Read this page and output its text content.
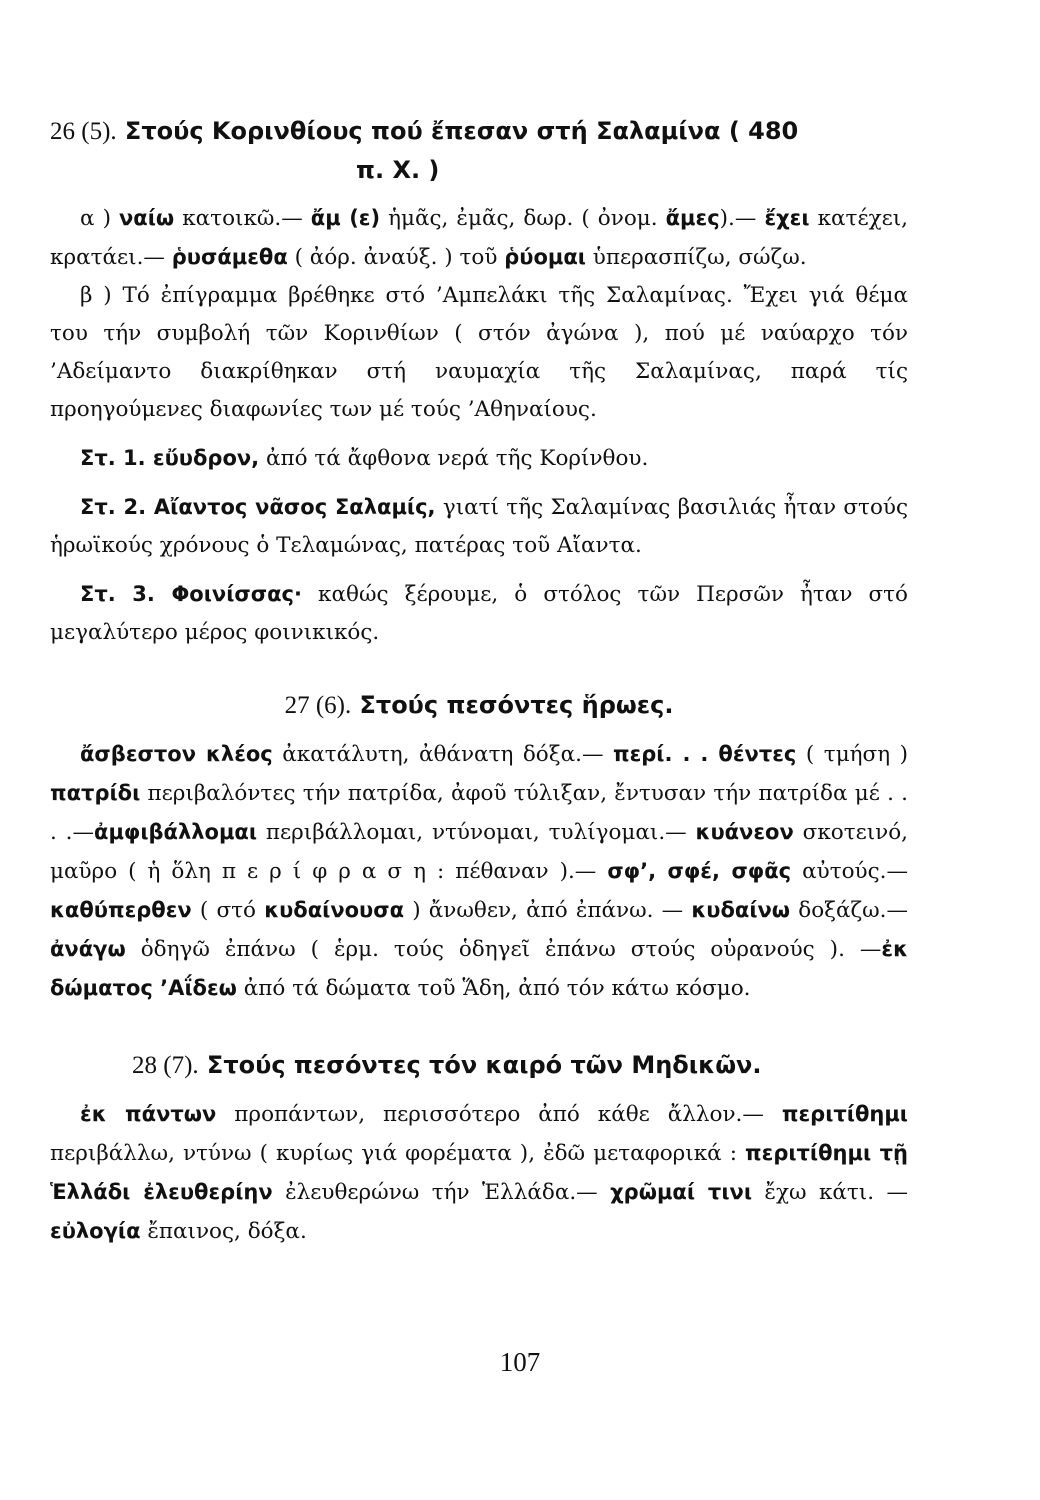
26 (5). Στούς Κορινθίους πού ἔπεσαν στή Σαλαμίνα ( 480
π. Χ. )

α ) ναίω κατοικῶ.— ἄμ (ε) ἡμᾶς, ἐμᾶς, δωρ. ( ὀνομ. ἄμες).— ἔχει κατέχει, κρατάει.— ῥυσάμεθα ( ἀόρ. ἀναύξ. ) τοῦ ῥύομαι ὑπερασπίζω, σώζω.

β ) Τό ἐπίγραμμα βρέθηκε στό ’Αμπελάκι τῆς Σαλαμίνας. Ἔχει γιά θέμα του τήν συμβολή τῶν Κορινθίων ( στόν ἀγώνα ), πού μέ ναύαρχο τόν ’Αδείμαντο διακρίθηκαν στή ναυμαχία τῆς Σαλαμίνας, παρά τίς προηγούμενες διαφωνίες των μέ τούς ’Αθηναίους.

Στ. 1. εὔυδρον, ἀπό τά ἄφθονα νερά τῆς Κορίνθου.

Στ. 2. Αἴαντος νᾶσος Σαλαμίς, γιατί τῆς Σαλαμίνας βασιλιάς ἦταν στούς ἡρωϊκούς χρόνους ὁ Τελαμώνας, πατέρας τοῦ Αἴαντα.

Στ. 3. Φοινίσσας· καθώς ξέρουμε, ὁ στόλος τῶν Περσῶν ἦταν στό μεγαλύτερο μέρος φοινικικός.

27 (6). Στούς πεσόντες ἥρωες.

ἄσβεστον κλέος ἀκατάλυτη, ἀθάνατη δόξα.— περί. . . θέντες ( τμήση ) πατρίδι περιβαλόντες τήν πατρίδα, ἀφοῦ τύλιξαν, ἔντυσαν τήν πατρίδα μέ . . . .—ἀμφιβάλλομαι περιβάλλομαι, ντύνομαι, τυλίγομαι.— κυάνεον σκοτεινό, μαῦρο ( ἡ ὅλη π ε ρ ί φ ρ α σ η : πέθαναν ).— σφ’, σφέ, σφᾶς αὐτούς.— καθύπερθεν ( στό κυδαίνουσα ) ἄνωθεν, ἀπό ἐπάνω. — κυδαίνω δοξάζω.— ἀνάγω ὁδηγῶ ἐπάνω ( ἑρμ. τούς ὁδηγεῖ ἐπάνω στούς οὐρανούς ). —ἐκ δώματος ’Αΐδεω ἀπό τά δώματα τοῦ Ἅδη, ἀπό τόν κάτω κόσμο.

28 (7). Στούς πεσόντες τόν καιρό τῶν Μηδικῶν.

ἐκ πάντων προπάντων, περισσότερο ἀπό κάθε ἄλλον.— περιτίθημι περιβάλλω, ντύνω ( κυρίως γιά φορέματα ), ἐδῶ μεταφορικά : περιτίθημι τῇ Ἑλλάδι ἐλευθερίην ἐλευθερώνω τήν Ἑλλάδα.— χρῶμαί τινι ἔχω κάτι. —εὐλογία ἔπαινος, δόξα.

107
